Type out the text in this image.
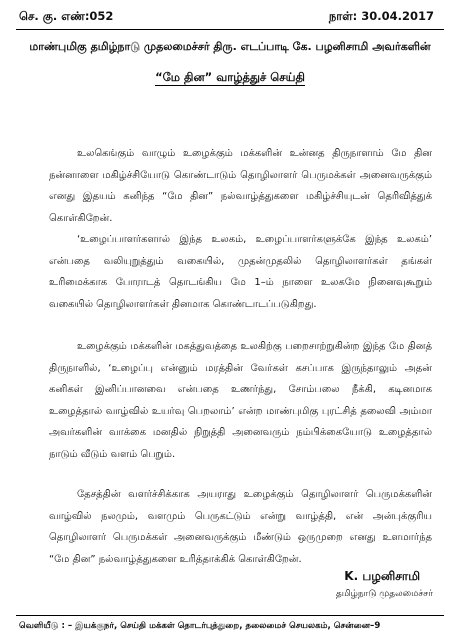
செ. கு. எண்:052	நாள்: 30.04.2017
மாண்புமிகு தமிழ்நாடு முதலமைச்சர் திரு. எடப்பாடி கே. பழனிசாமி அவர்களின்
“மே தின” வாழ்த்துச் செய்தி

உலகெங்கும் வாழும் உழைக்கும் மக்களின் உன்னத திருநாளாம் மே தின நன்னாளை மகிழ்ச்சியோடு கொண்டாடும் தொழிலாளர் பெருமக்கள் அனைவருக்கும் எனது இதயம் கனிந்த “மே தின” நல்வாழ்த்துகளை மகிழ்ச்சியுடன் தெரிவித்துக் கொள்கிறேன்.

‘உழைப்பாளர்களால் இந்த உலகம், உழைப்பாளர்களுக்கே இந்த உலகம்’ என்பதை வலியுறுத்தும் வகையில், முதன்முதலில் தொழிலாளர்கள் தங்கள் உரிமைக்காக போராடத் தொடங்கிய மே 1–ம் நாளை உலகமே நினைவுகூறும் வகையில் தொழிலாளர்கள் தினமாக கொண்டாடப்படுகிறது.

உழைக்கும் மக்களின் மகத்துவத்தை உலகிற்கு பறைசாற்றுகின்ற இந்த மே தினத் திருநாளில், ‘உழைப்பு என்னும் மரத்தின் வேர்கள் கசப்பாக இருந்தாலும் அதன் கனிகள் இனிப்பானவை என்பதை உணர்ந்து, சோம்பலை நீக்கி, கடினமாக உழைத்தால் வாழ்வில் உயர்வு பெறலாம்’ என்ற மாண்புமிகு புரட்சித் தலைவி அம்மா அவர்களின் வாக்கை மனதில் நிறுத்தி அனைவரும் நம்பிக்கையோடு உழைத்தால் நாடும் வீடும் வளம் பெறும்.

தேசத்தின் வளர்ச்சிக்காக அயராது உழைக்கும் தொழிலாளர் பெருமக்களின் வாழ்வில் நலமும், வளமும் பெருகட்டும் என்று வாழ்த்தி, என் அன்புக்குரிய தொழிலாளர் பெருமக்கள் அனைவருக்கும் மீண்டும் ஒருமுறை எனது உளமார்ந்த “மே தின” நல்வாழ்த்துகளை உரித்தாக்கிக் கொள்கிறேன்.

K. பழனிசாமி
தமிழ்நாடு முதலமைச்சர்
வெளியீடு : – இயக்குநர், செய்தி மக்கள் தொடர்புத்துறை, தலைமைச் செயலகம், சென்னை–9
